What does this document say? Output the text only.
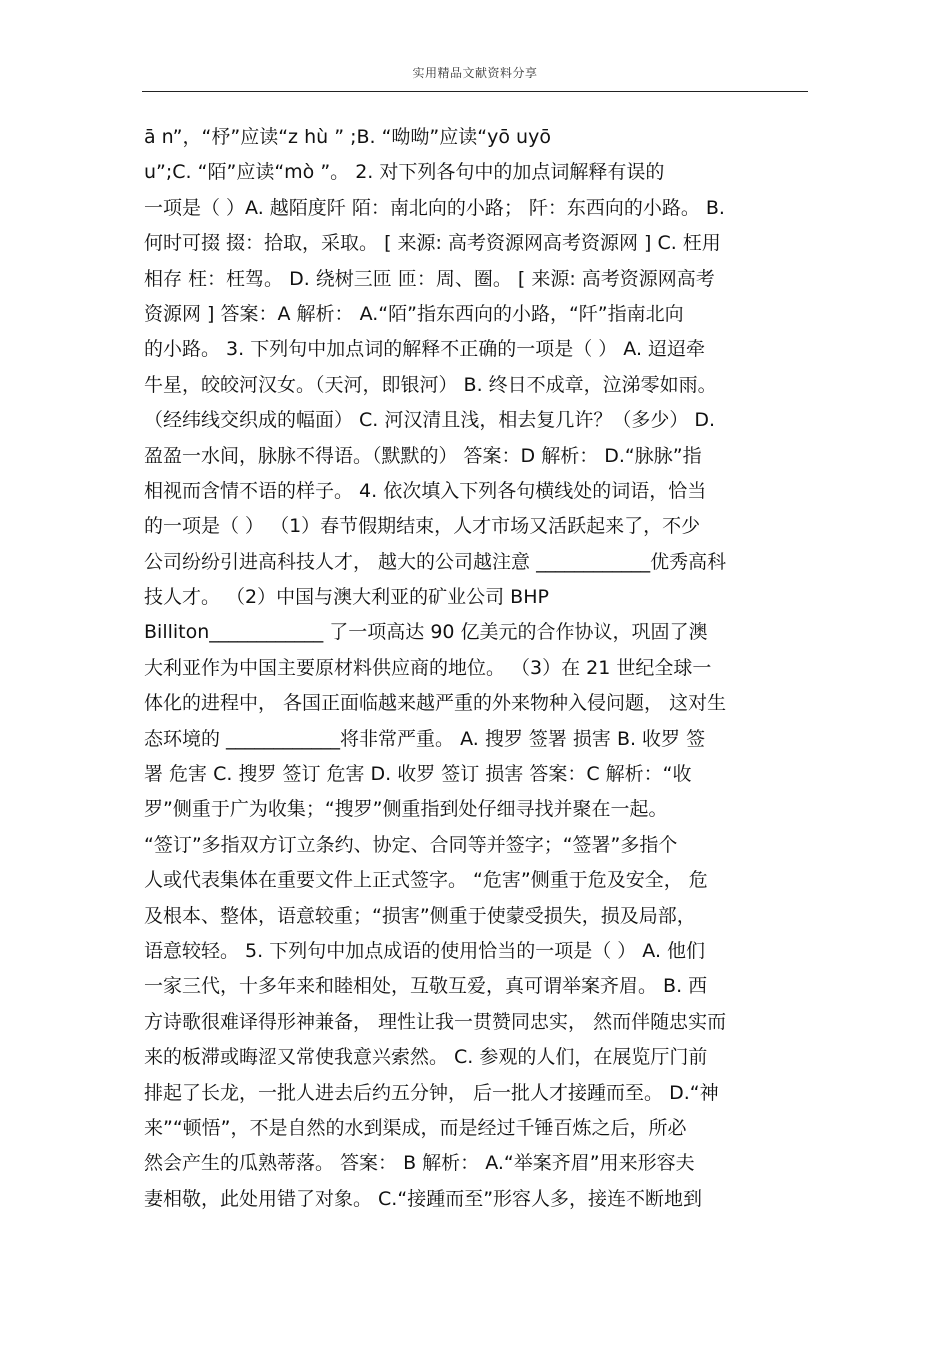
实用精品文献资料分享
ā n”，“杼”应读“z hù ” ;B. “呦呦”应读“yō uyō
u”;C. “陌”应读“mò ”。 2. 对下列各句中的加点词解释有误的
一项是（ ）A. 越陌度阡 陌：南北向的小路； 阡：东西向的小路。 B.
何时可掇 掇：拾取，采取。 [ 来源: 高考资源网高考资源网 ] C. 枉用
相存 枉：枉驾。 D. 绕树三匝 匝：周、圈。 [ 来源: 高考资源网高考
资源网 ] 答案：A 解析： A.“陌”指东西向的小路，“阡”指南北向
的小路。 3. 下列句中加点词的解释不正确的一项是（ ） A. 迢迢牵
牛星，皎皎河汉女。（天河，即银河） B. 终日不成章，泣涕零如雨。
（经纬线交织成的幅面） C. 河汉清且浅，相去复几许？（多少） D.
盈盈一水间，脉脉不得语。（默默的） 答案：D 解析： D.“脉脉”指
相视而含情不语的样子。 4. 依次填入下列各句横线处的词语，恰当
的一项是（ ） （1）春节假期结束，人才市场又活跃起来了，不少
公司纷纷引进高科技人才， 越大的公司越注意 ____________优秀高科
技人才。 （2）中国与澳大利亚的矿业公司 BHP
Billiton____________ 了一项高达 90 亿美元的合作协议，巩固了澳
大利亚作为中国主要原材料供应商的地位。 （3）在 21 世纪全球一
体化的进程中， 各国正面临越来越严重的外来物种入侵问题， 这对生
态环境的 ____________将非常严重。 A. 搜罗 签署 损害 B. 收罗 签
署 危害 C. 搜罗 签订 危害 D. 收罗 签订 损害 答案：C 解析：“收
罗”侧重于广为收集；“搜罗”侧重指到处仔细寻找并聚在一起。
“签订”多指双方订立条约、协定、合同等并签字；“签署”多指个
人或代表集体在重要文件上正式签字。 “危害”侧重于危及安全， 危
及根本、整体，语意较重；“损害”侧重于使蒙受损失，损及局部，
语意较轻。 5. 下列句中加点成语的使用恰当的一项是（ ） A. 他们
一家三代，十多年来和睦相处，互敬互爱，真可谓举案齐眉。 B. 西
方诗歌很难译得形神兼备， 理性让我一贯赞同忠实， 然而伴随忠实而
来的板滞或晦涩又常使我意兴索然。 C. 参观的人们，在展览厅门前
排起了长龙，一批人进去后约五分钟， 后一批人才接踵而至。 D.“神
来”“顿悟”，不是自然的水到渠成，而是经过千锤百炼之后，所必
然会产生的瓜熟蒂落。 答案： B 解析： A.“举案齐眉”用来形容夫
妻相敬，此处用错了对象。 C.“接踵而至”形容人多，接连不断地到
